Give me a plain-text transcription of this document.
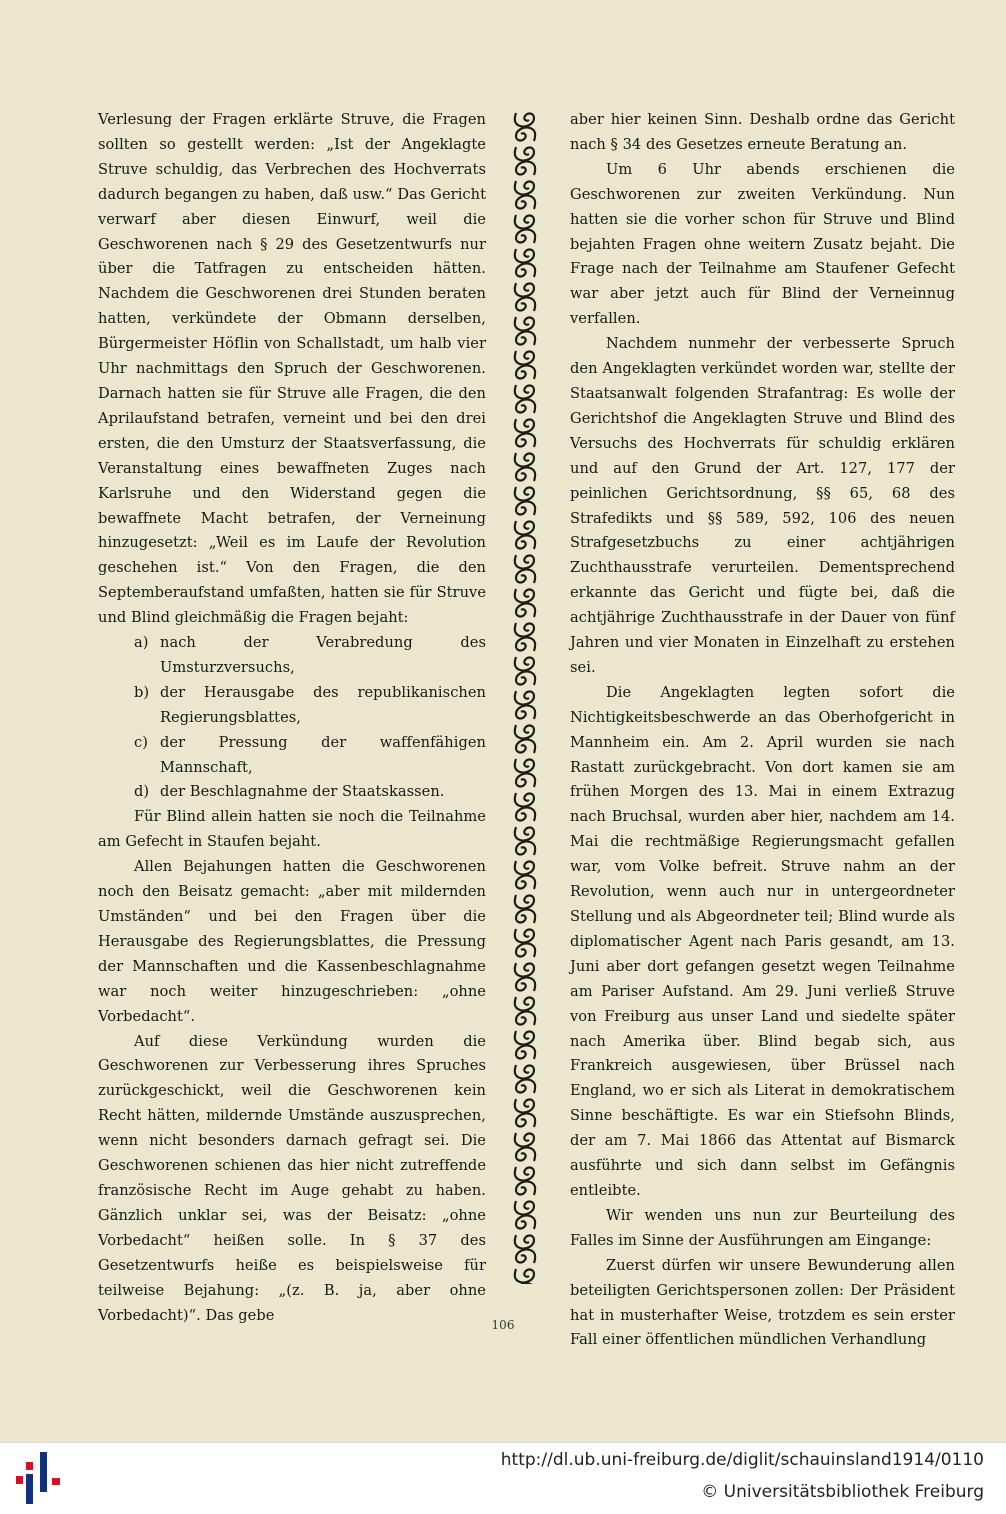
Verlesung der Fragen erklärte Struve, die Fragen sollten so gestellt werden: „Ist der Angeklagte Struve schuldig, das Verbrechen des Hochverrats dadurch begangen zu haben, daß usw.“ Das Gericht verwarf aber diesen Einwurf, weil die Geschworenen nach § 29 des Gesetzentwurfs nur über die Tatfragen zu entscheiden hätten. Nachdem die Geschworenen drei Stunden beraten hatten, verkündete der Obmann derselben, Bürgermeister Höflin von Schallstadt, um halb vier Uhr nachmittags den Spruch der Geschworenen. Darnach hatten sie für Struve alle Fragen, die den Aprilaufstand betrafen, verneint und bei den drei ersten, die den Umsturz der Staatsverfassung, die Veranstaltung eines bewaffneten Zuges nach Karlsruhe und den Widerstand gegen die bewaffnete Macht betrafen, der Verneinung hinzugesetzt: „Weil es im Laufe der Revolution geschehen ist.“ Von den Fragen, die den Septemberaufstand umfaßten, hatten sie für Struve und Blind gleichmäßig die Fragen bejaht:

a) nach der Verabredung des Umsturzversuchs,
b) der Herausgabe des republikanischen Regierungsblattes,
c) der Pressung der waffenfähigen Mannschaft,
d) der Beschlagnahme der Staatskassen.

Für Blind allein hatten sie noch die Teilnahme am Gefecht in Staufen bejaht.

Allen Bejahungen hatten die Geschworenen noch den Beisatz gemacht: „aber mit mildernden Umständen“ und bei den Fragen über die Herausgabe des Regierungsblattes, die Pressung der Mannschaften und die Kassenbeschlagnahme war noch weiter hinzugeschrieben: „ohne Vorbedacht“.

Auf diese Verkündung wurden die Geschworenen zur Verbesserung ihres Spruches zurückgeschickt, weil die Geschworenen kein Recht hätten, mildernde Umstände auszusprechen, wenn nicht besonders darnach gefragt sei. Die Geschworenen schienen das hier nicht zutreffende französische Recht im Auge gehabt zu haben. Gänzlich unklar sei, was der Beisatz: „ohne Vorbedacht“ heißen solle. In § 37 des Gesetzentwurfs heiße es beispielsweise für teilweise Bejahung: „(z. B. ja, aber ohne Vorbedacht)“. Das gebe

aber hier keinen Sinn. Deshalb ordne das Gericht nach § 34 des Gesetzes erneute Beratung an.

Um 6 Uhr abends erschienen die Geschworenen zur zweiten Verkündung. Nun hatten sie die vorher schon für Struve und Blind bejahten Fragen ohne weitern Zusatz bejaht. Die Frage nach der Teilnahme am Staufener Gefecht war aber jetzt auch für Blind der Verneinnug verfallen.

Nachdem nunmehr der verbesserte Spruch den Angeklagten verkündet worden war, stellte der Staatsanwalt folgenden Strafantrag: Es wolle der Gerichtshof die Angeklagten Struve und Blind des Versuchs des Hochverrats für schuldig erklären und auf den Grund der Art. 127, 177 der peinlichen Gerichtsordnung, §§ 65, 68 des Strafedikts und §§ 589, 592, 106 des neuen Strafgesetzbuchs zu einer achtjährigen Zuchthausstrafe verurteilen. Dementsprechend erkannte das Gericht und fügte bei, daß die achtjährige Zuchthausstrafe in der Dauer von fünf Jahren und vier Monaten in Einzelhaft zu erstehen sei.

Die Angeklagten legten sofort die Nichtigkeitsbeschwerde an das Oberhofgericht in Mannheim ein. Am 2. April wurden sie nach Rastatt zurückgebracht. Von dort kamen sie am frühen Morgen des 13. Mai in einem Extrazug nach Bruchsal, wurden aber hier, nachdem am 14. Mai die rechtmäßige Regierungsmacht gefallen war, vom Volke befreit. Struve nahm an der Revolution, wenn auch nur in untergeordneter Stellung und als Abgeordneter teil; Blind wurde als diplomatischer Agent nach Paris gesandt, am 13. Juni aber dort gefangen gesetzt wegen Teilnahme am Pariser Aufstand. Am 29. Juni verließ Struve von Freiburg aus unser Land und siedelte später nach Amerika über. Blind begab sich, aus Frankreich ausgewiesen, über Brüssel nach England, wo er sich als Literat in demokratischem Sinne beschäftigte. Es war ein Stiefsohn Blinds, der am 7. Mai 1866 das Attentat auf Bismarck ausführte und sich dann selbst im Gefängnis entleibte.

Wir wenden uns nun zur Beurteilung des Falles im Sinne der Ausführungen am Eingange:

Zuerst dürfen wir unsere Bewunderung allen beteiligten Gerichtspersonen zollen: Der Präsident hat in musterhafter Weise, trotzdem es sein erster Fall einer öffentlichen mündlichen Verhandlung

106
http://dl.ub.uni-freiburg.de/diglit/schauinsland1914/0110
© Universitätsbibliothek Freiburg
